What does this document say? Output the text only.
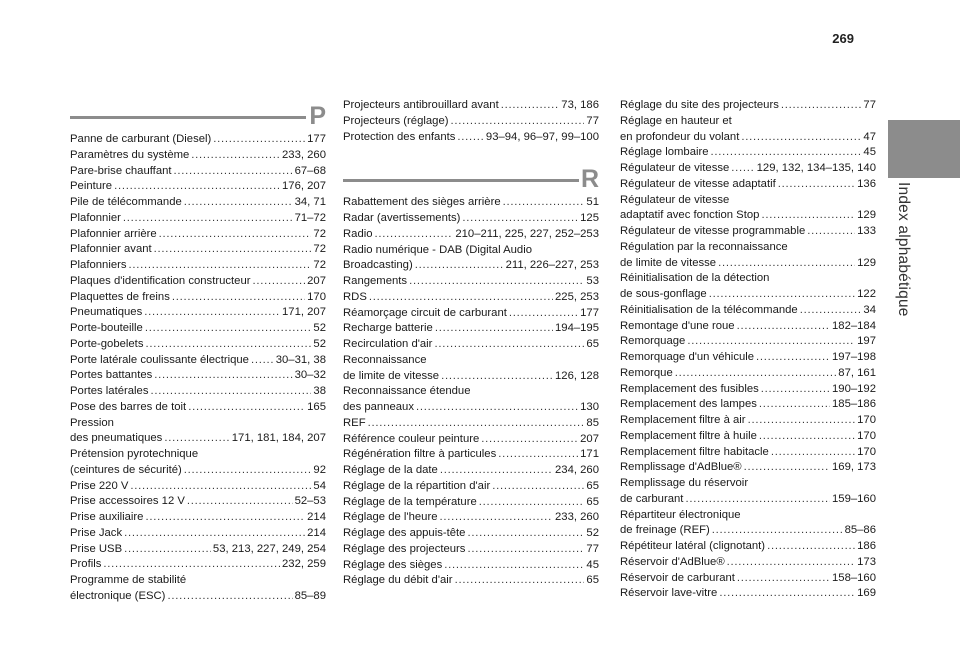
269
Index alphabétique
P
Panne de carburant (Diesel) . . .	177
Paramètres du système . . .	233, 260
Pare-brise chauffant . . .	67–68
Peinture . . .	176, 207
Pile de télécommande . . .	34, 71
Plafonnier . . .	71–72
Plafonnier arrière . . .	72
Plafonnier avant . . .	72
Plafonniers . . .	72
Plaques d'identification constructeur . . .	207
Plaquettes de freins . . .	170
Pneumatiques . . .	171, 207
Porte-bouteille . . .	52
Porte-gobelets . . .	52
Porte latérale coulissante électrique . . . 30–31, 38
Portes battantes . . .	30–32
Portes latérales . . .	38
Pose des barres de toit . . .	165
Pression
des pneumatiques . . .	171, 181, 184, 207
Prétension pyrotechnique
(ceintures de sécurité) . . .	92
Prise 220 V . . .	54
Prise accessoires 12 V . . .	52–53
Prise auxiliaire . . .	214
Prise Jack . . .	214
Prise USB . . .	53, 213, 227, 249, 254
Profils . . .	232, 259
Programme de stabilité
électronique (ESC) . . .	85–89
Projecteurs antibrouillard avant . . .	73, 186
Projecteurs (réglage) . . .	77
Protection des enfants . . .	93–94, 96–97, 99–100
R
Rabattement des sièges arrière . . .	51
Radar (avertissements) . . .	125
Radio . . .	210–211, 225, 227, 252–253
Radio numérique - DAB (Digital Audio
Broadcasting) . . .	211, 226–227, 253
Rangements . . .	53
RDS . . .	225, 253
Réamorçage circuit de carburant . . .	177
Recharge batterie . . .	194–195
Recirculation d'air . . .	65
Reconnaissance
de limite de vitesse . . .	126, 128
Reconnaissance étendue
des panneaux . . .	130
REF . . .	85
Référence couleur peinture . . .	207
Régénération filtre à particules . . .	171
Réglage de la date . . .	234, 260
Réglage de la répartition d'air . . .	65
Réglage de la température . . .	65
Réglage de l'heure . . .	233, 260
Réglage des appuis-tête . . .	52
Réglage des projecteurs . . .	77
Réglage des sièges . . .	45
Réglage du débit d'air . . .	65
Réglage du site des projecteurs . . .	77
Réglage en hauteur et
en profondeur du volant . . .	47
Réglage lombaire . . .	45
Régulateur de vitesse . . . 129, 132, 134–135, 140
Régulateur de vitesse adaptatif . . .	136
Régulateur de vitesse
adaptatif avec fonction Stop . . .	129
Régulateur de vitesse programmable . . .	133
Régulation par la reconnaissance
de limite de vitesse . . .	129
Réinitialisation de la détection
de sous-gonflage . . .	122
Réinitialisation de la télécommande . . .	34
Remontage d'une roue . . .	182–184
Remorquage . . .	197
Remorquage d'un véhicule . . .	197–198
Remorque . . .	87, 161
Remplacement des fusibles . . .	190–192
Remplacement des lampes . . .	185–186
Remplacement filtre à air . . .	170
Remplacement filtre à huile . . .	170
Remplacement filtre habitacle . . .	170
Remplissage d'AdBlue® . . .	169, 173
Remplissage du réservoir
de carburant . . .	159–160
Répartiteur électronique
de freinage (REF) . . .	85–86
Répétiteur latéral (clignotant) . . .	186
Réservoir d'AdBlue® . . .	173
Réservoir de carburant . . .	158–160
Réservoir lave-vitre . . .	169
